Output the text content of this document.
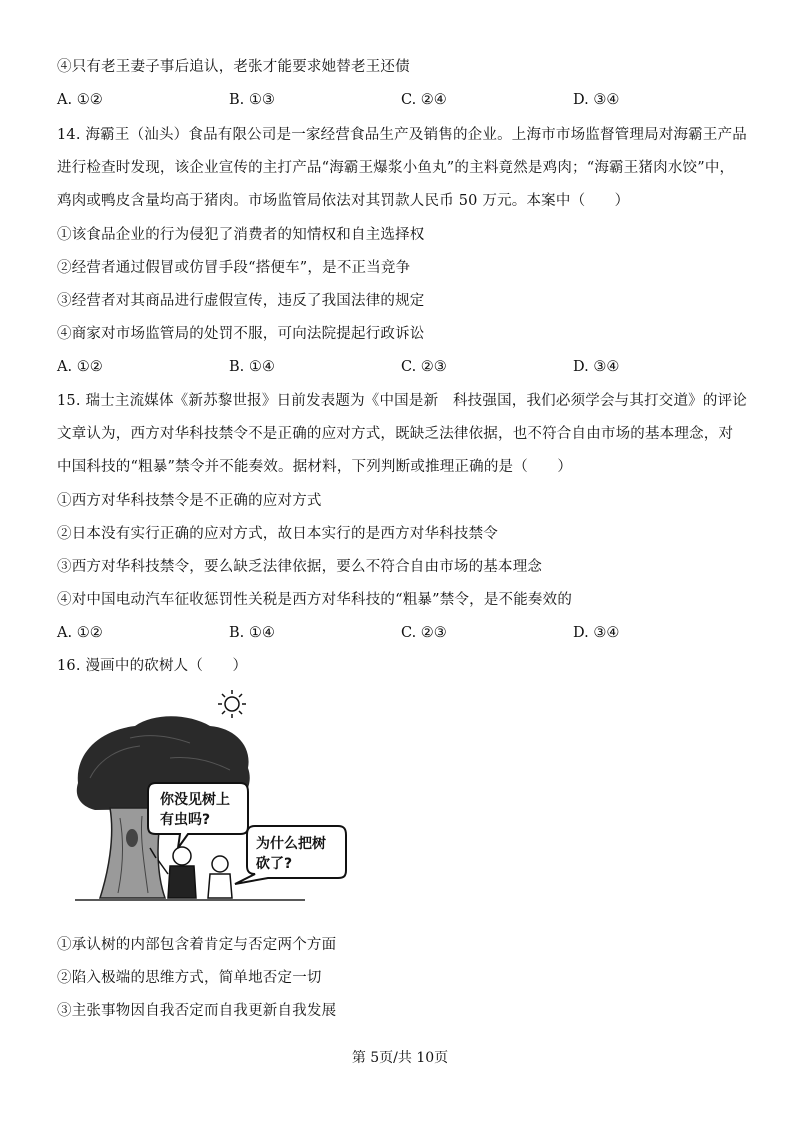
④只有老王妻子事后追认，老张才能要求她替老王还债
A. ①②	B. ①③	C. ②④	D. ③④
14. 海霸王（汕头）食品有限公司是一家经营食品生产及销售的企业。上海市市场监督管理局对海霸王产品
进行检查时发现，该企业宣传的主打产品“海霸王爆浆小鱼丸”的主料竟然是鸡肉；“海霸王猪肉水饺”中，
鸡肉或鸭皮含量均高于猪肉。市场监管局依法对其罚款人民币 50 万元。本案中（　　）
①该食品企业的行为侵犯了消费者的知情权和自主选择权
②经营者通过假冒或仿冒手段“搭便车”，是不正当竞争
③经营者对其商品进行虚假宣传，违反了我国法律的规定
④商家对市场监管局的处罚不服，可向法院提起行政诉讼
A. ①②	B. ①④	C. ②③	D. ③④
15. 瑞士主流媒体《新苏黎世报》日前发表题为《中国是新　科技强国，我们必须学会与其打交道》的评论
文章认为，西方对华科技禁令不是正确的应对方式，既缺乏法律依据，也不符合自由市场的基本理念，对
中国科技的“粗暴”禁令并不能奏效。据材料，下列判断或推理正确的是（　　）
①西方对华科技禁令是不正确的应对方式
②日本没有实行正确的应对方式，故日本实行的是西方对华科技禁令
③西方对华科技禁令，要么缺乏法律依据，要么不符合自由市场的基本理念
④对中国电动汽车征收惩罚性关税是西方对华科技的“粗暴”禁令，是不能奏效的
A. ①②	B. ①④	C. ②③	D. ③④
16. 漫画中的砍树人（　　）
你没见树上
有虫吗?
为什么把树
砍了?
①承认树的内部包含着肯定与否定两个方面
②陷入极端的思维方式，简单地否定一切
③主张事物因自我否定而自我更新自我发展
第 5页/共 10页
